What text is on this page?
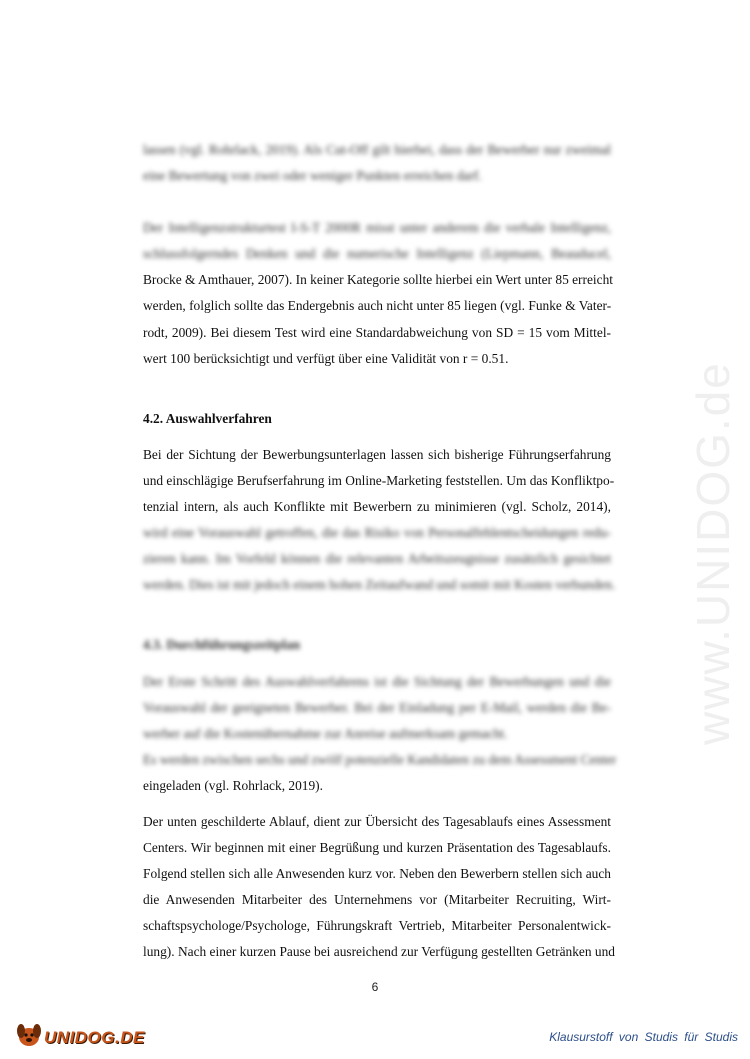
www.UNIDOG.de
lassen (vgl. Rohrlack, 2019). Als Cut-Off gilt hierbei, dass der Bewerber nur zweimal
eine Bewertung von zwei oder weniger Punkten erreichen darf.
Der Intelligenzstrukturtest I-S-T 2000R misst unter anderem die verbale Intelligenz,
schlussfolgerndes Denken und die numerische Intelligenz (Liepmann, Beauducel,
Brocke & Amthauer, 2007). In keiner Kategorie sollte hierbei ein Wert unter 85 erreicht
werden, folglich sollte das Endergebnis auch nicht unter 85 liegen (vgl. Funke & Vater-
rodt, 2009). Bei diesem Test wird eine Standardabweichung von SD = 15 vom Mittel-
wert 100 berücksichtigt und verfügt über eine Validität von r = 0.51.
4.2. Auswahlverfahren
Bei der Sichtung der Bewerbungsunterlagen lassen sich bisherige Führungserfahrung
und einschlägige Berufserfahrung im Online-Marketing feststellen. Um das Konfliktpo-
tenzial intern, als auch Konflikte mit Bewerbern zu minimieren (vgl. Scholz, 2014),
wird eine Vorauswahl getroffen, die das Risiko von Personalfehlentscheidungen redu-
zieren kann. Im Vorfeld können die relevanten Arbeitszeugnisse zusätzlich gesichtet
werden. Dies ist mit jedoch einem hohen Zeitaufwand und somit mit Kosten verbunden.
4.3. Durchführungszeitplan
Der Erste Schritt des Auswahlverfahrens ist die Sichtung der Bewerbungen und die
Vorauswahl der geeigneten Bewerber. Bei der Einladung per E-Mail, werden die Be-
werber auf die Kostenübernahme zur Anreise aufmerksam gemacht.
Es werden zwischen sechs und zwölf potenzielle Kandidaten zu dem Assessment Center
eingeladen (vgl. Rohrlack, 2019).
Der unten geschilderte Ablauf, dient zur Übersicht des Tagesablaufs eines Assessment
Centers. Wir beginnen mit einer Begrüßung und kurzen Präsentation des Tagesablaufs.
Folgend stellen sich alle Anwesenden kurz vor. Neben den Bewerbern stellen sich auch
die Anwesenden Mitarbeiter des Unternehmens vor (Mitarbeiter Recruiting, Wirt-
schaftspsychologe/Psychologe, Führungskraft Vertrieb, Mitarbeiter Personalentwick-
lung). Nach einer kurzen Pause bei ausreichend zur Verfügung gestellten Getränken und
6
UNIDOG.DE	Klausurstoff von Studis für Studis
